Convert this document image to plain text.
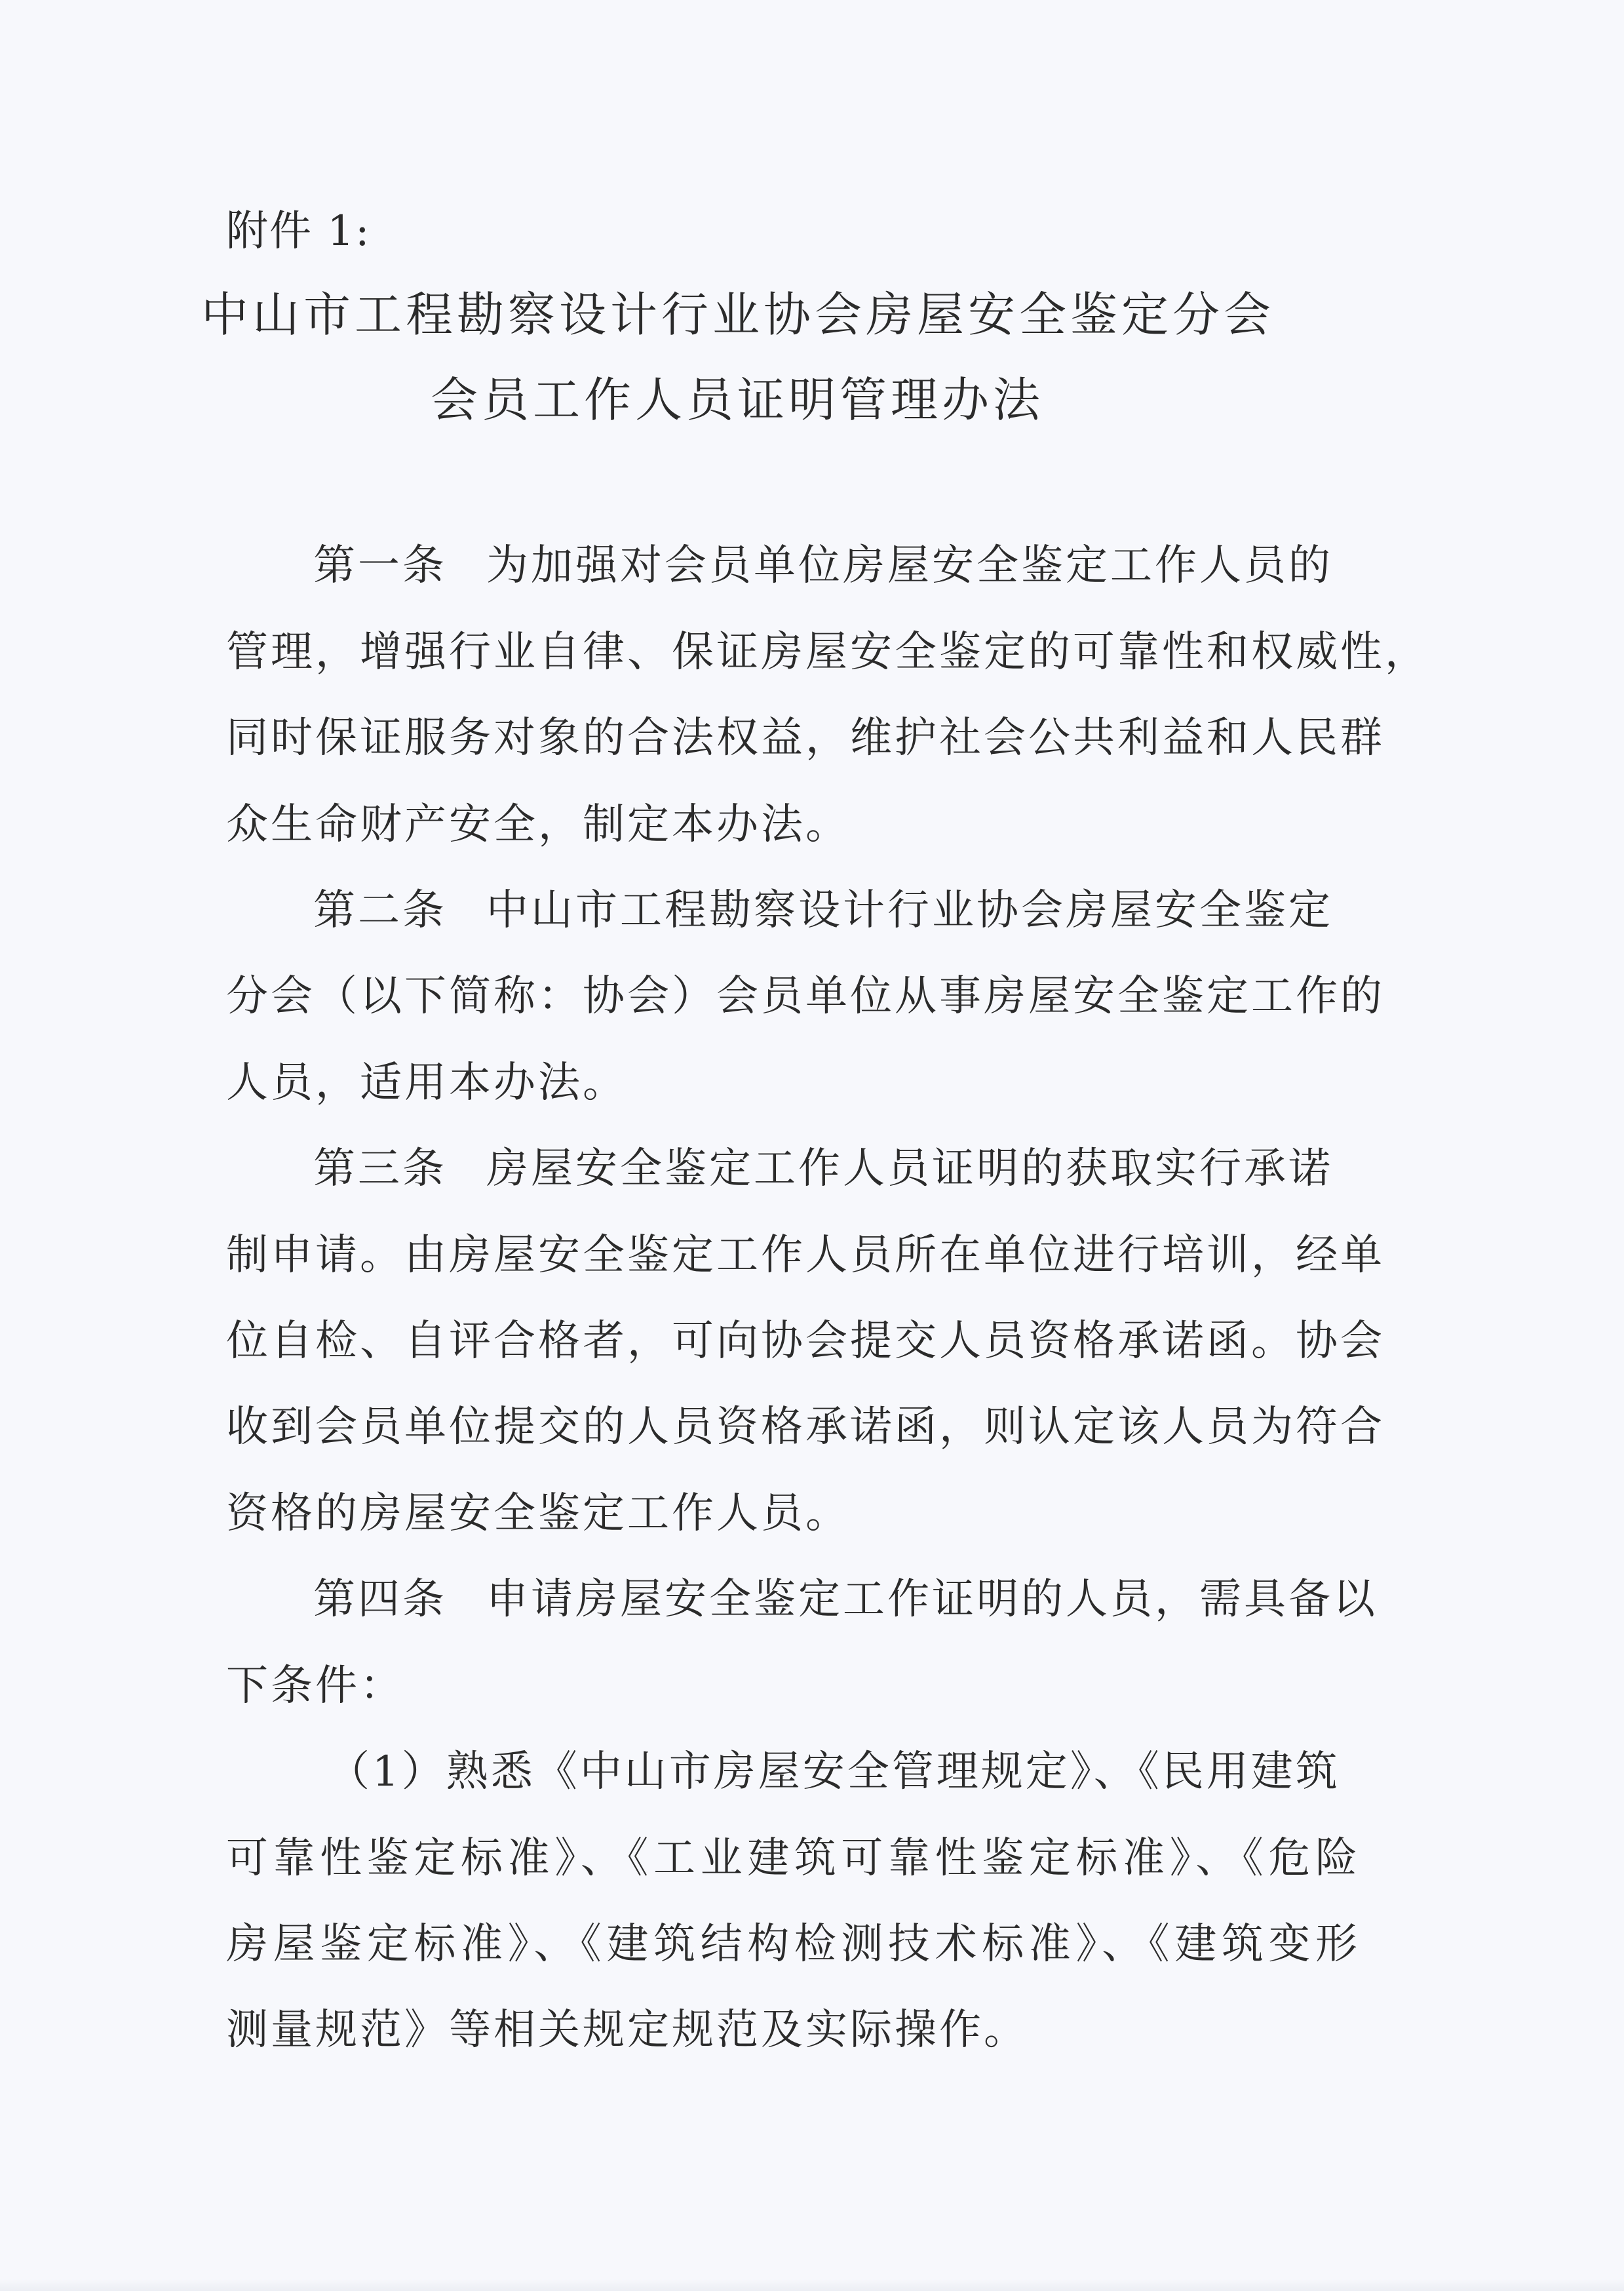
附件 1:
中山市工程勘察设计行业协会房屋安全鉴定分会
会员工作人员证明管理办法
第一条 为加强对会员单位房屋安全鉴定工作人员的
管理，增强行业自律、保证房屋安全鉴定的可靠性和权威性，
同时保证服务对象的合法权益，维护社会公共利益和人民群
众生命财产安全，制定本办法。
第二条 中山市工程勘察设计行业协会房屋安全鉴定
分会（以下简称：协会）会员单位从事房屋安全鉴定工作的
人员，适用本办法。
第三条 房屋安全鉴定工作人员证明的获取实行承诺
制申请。由房屋安全鉴定工作人员所在单位进行培训，经单
位自检、自评合格者，可向协会提交人员资格承诺函。协会
收到会员单位提交的人员资格承诺函，则认定该人员为符合
资格的房屋安全鉴定工作人员。
第四条 申请房屋安全鉴定工作证明的人员，需具备以
下条件：
（1）熟悉《中山市房屋安全管理规定》、《民用建筑
可靠性鉴定标准》、《工业建筑可靠性鉴定标准》、《危险
房屋鉴定标准》、《建筑结构检测技术标准》、《建筑变形
测量规范》等相关规定规范及实际操作。
